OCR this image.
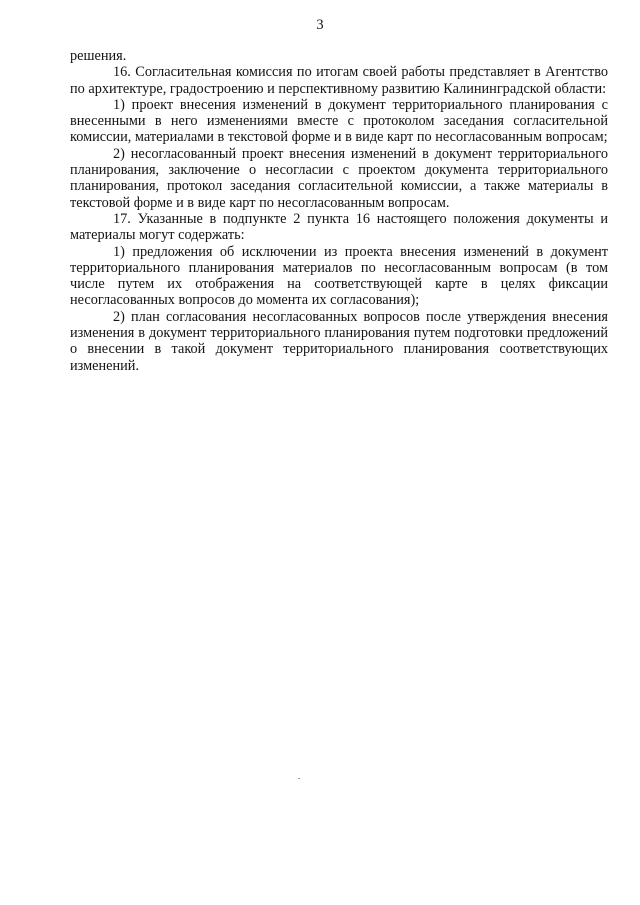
3

решения.

16. Согласительная комиссия по итогам своей работы представляет в Агентство по архитектуре, градостроению и перспективному развитию Калининградской области:

1) проект внесения изменений в документ территориального планирования с внесенными в него изменениями вместе с протоколом заседания согласительной комиссии, материалами в текстовой форме и в виде карт по несогласованным вопросам;

2) несогласованный проект внесения изменений в документ территориального планирования, заключение о несогласии с проектом документа территориального планирования, протокол заседания согласительной комиссии, а также материалы в текстовой форме и в виде карт по несогласованным вопросам.

17. Указанные в подпункте 2 пункта 16 настоящего положения документы и материалы могут содержать:

1) предложения об исключении из проекта внесения изменений в документ территориального планирования материалов по несогласованным вопросам (в том числе путем их отображения на соответствующей карте в целях фиксации несогласованных вопросов до момента их согласования);

2) план согласования несогласованных вопросов после утверждения внесения изменения в документ территориального планирования путем подготовки предложений о внесении в такой документ территориального планирования соответствующих изменений.
